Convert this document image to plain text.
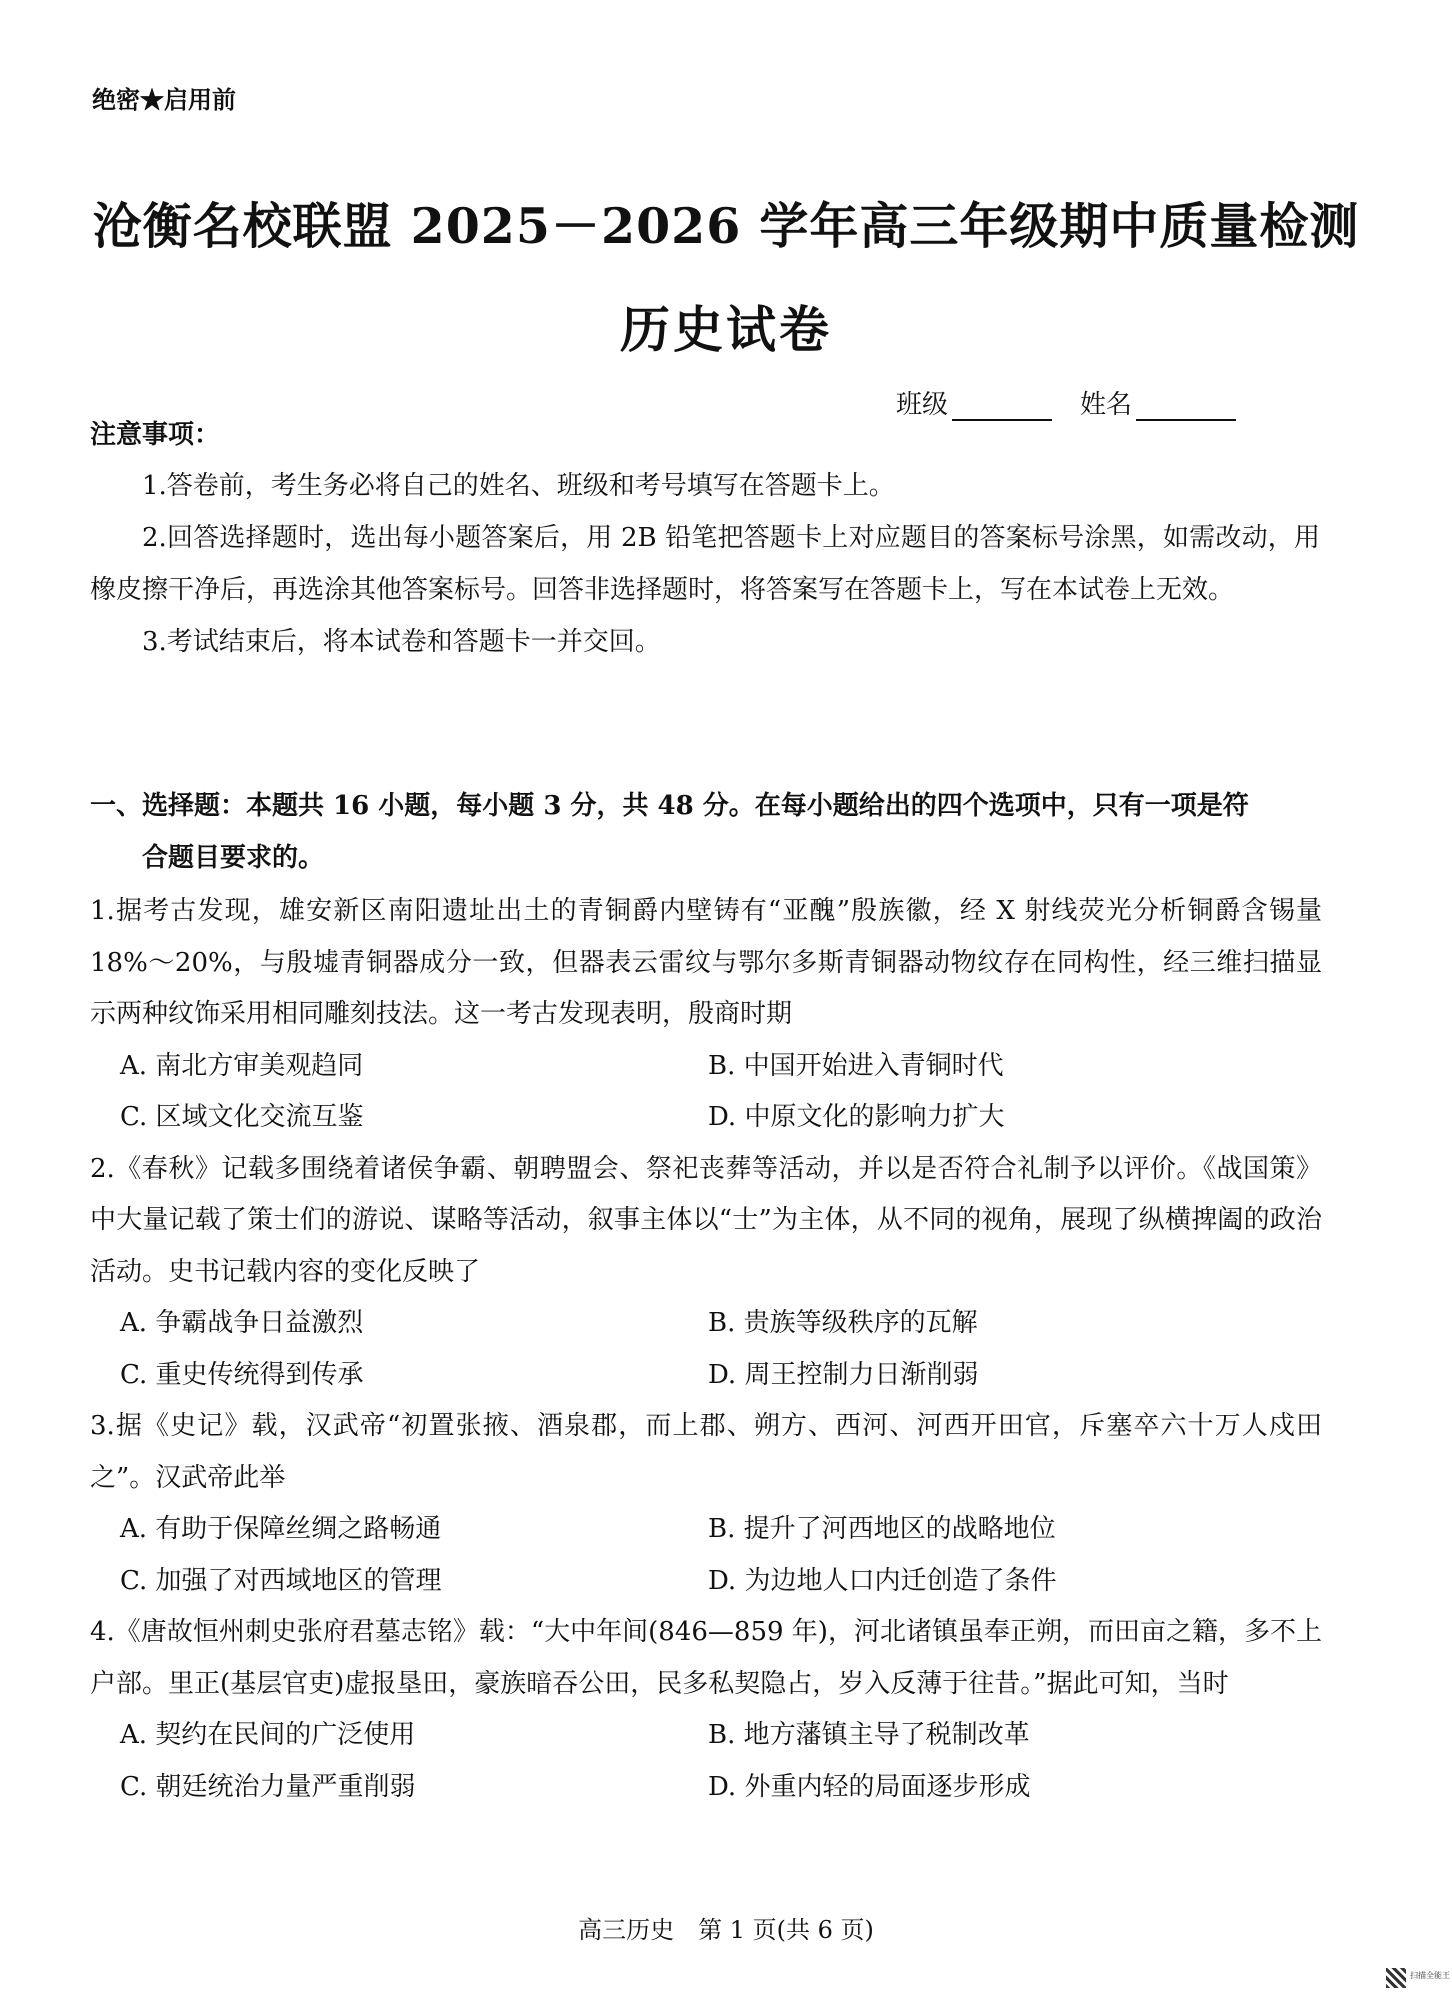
绝密★启用前
沧衡名校联盟 2025－2026 学年高三年级期中质量检测
历史试卷
班级	姓名
注意事项：

1.答卷前，考生务必将自己的姓名、班级和考号填写在答题卡上。

2.回答选择题时，选出每小题答案后，用 2B 铅笔把答题卡上对应题目的答案标号涂黑，如需改动，用橡皮擦干净后，再选涂其他答案标号。回答非选择题时，将答案写在答题卡上，写在本试卷上无效。

3.考试结束后，将本试卷和答题卡一并交回。

一、选择题：本题共 16 小题，每小题 3 分，共 48 分。在每小题给出的四个选项中，只有一项是符
合题目要求的。
1.据考古发现，雄安新区南阳遗址出土的青铜爵内壁铸有“亚醜”殷族徽，经 X 射线荧光分析铜爵含锡量 18%～20%，与殷墟青铜器成分一致，但器表云雷纹与鄂尔多斯青铜器动物纹存在同构性，经三维扫描显示两种纹饰采用相同雕刻技法。这一考古发现表明，殷商时期
A. 南北方审美观趋同	B. 中国开始进入青铜时代
C. 区域文化交流互鉴	D. 中原文化的影响力扩大
2.《春秋》记载多围绕着诸侯争霸、朝聘盟会、祭祀丧葬等活动，并以是否符合礼制予以评价。《战国策》中大量记载了策士们的游说、谋略等活动，叙事主体以“士”为主体，从不同的视角，展现了纵横捭阖的政治活动。史书记载内容的变化反映了
A. 争霸战争日益激烈	B. 贵族等级秩序的瓦解
C. 重史传统得到传承	D. 周王控制力日渐削弱
3.据《史记》载，汉武帝“初置张掖、酒泉郡，而上郡、朔方、西河、河西开田官，斥塞卒六十万人戍田之”。汉武帝此举
A. 有助于保障丝绸之路畅通	B. 提升了河西地区的战略地位
C. 加强了对西域地区的管理	D. 为边地人口内迁创造了条件
4.《唐故恒州刺史张府君墓志铭》载：“大中年间(846—859 年)，河北诸镇虽奉正朔，而田亩之籍，多不上户部。里正(基层官吏)虚报垦田，豪族暗吞公田，民多私契隐占，岁入反薄于往昔。”据此可知，当时
A. 契约在民间的广泛使用	B. 地方藩镇主导了税制改革
C. 朝廷统治力量严重削弱	D. 外重内轻的局面逐步形成
高三历史　第 1 页(共 6 页)
扫描全能王
